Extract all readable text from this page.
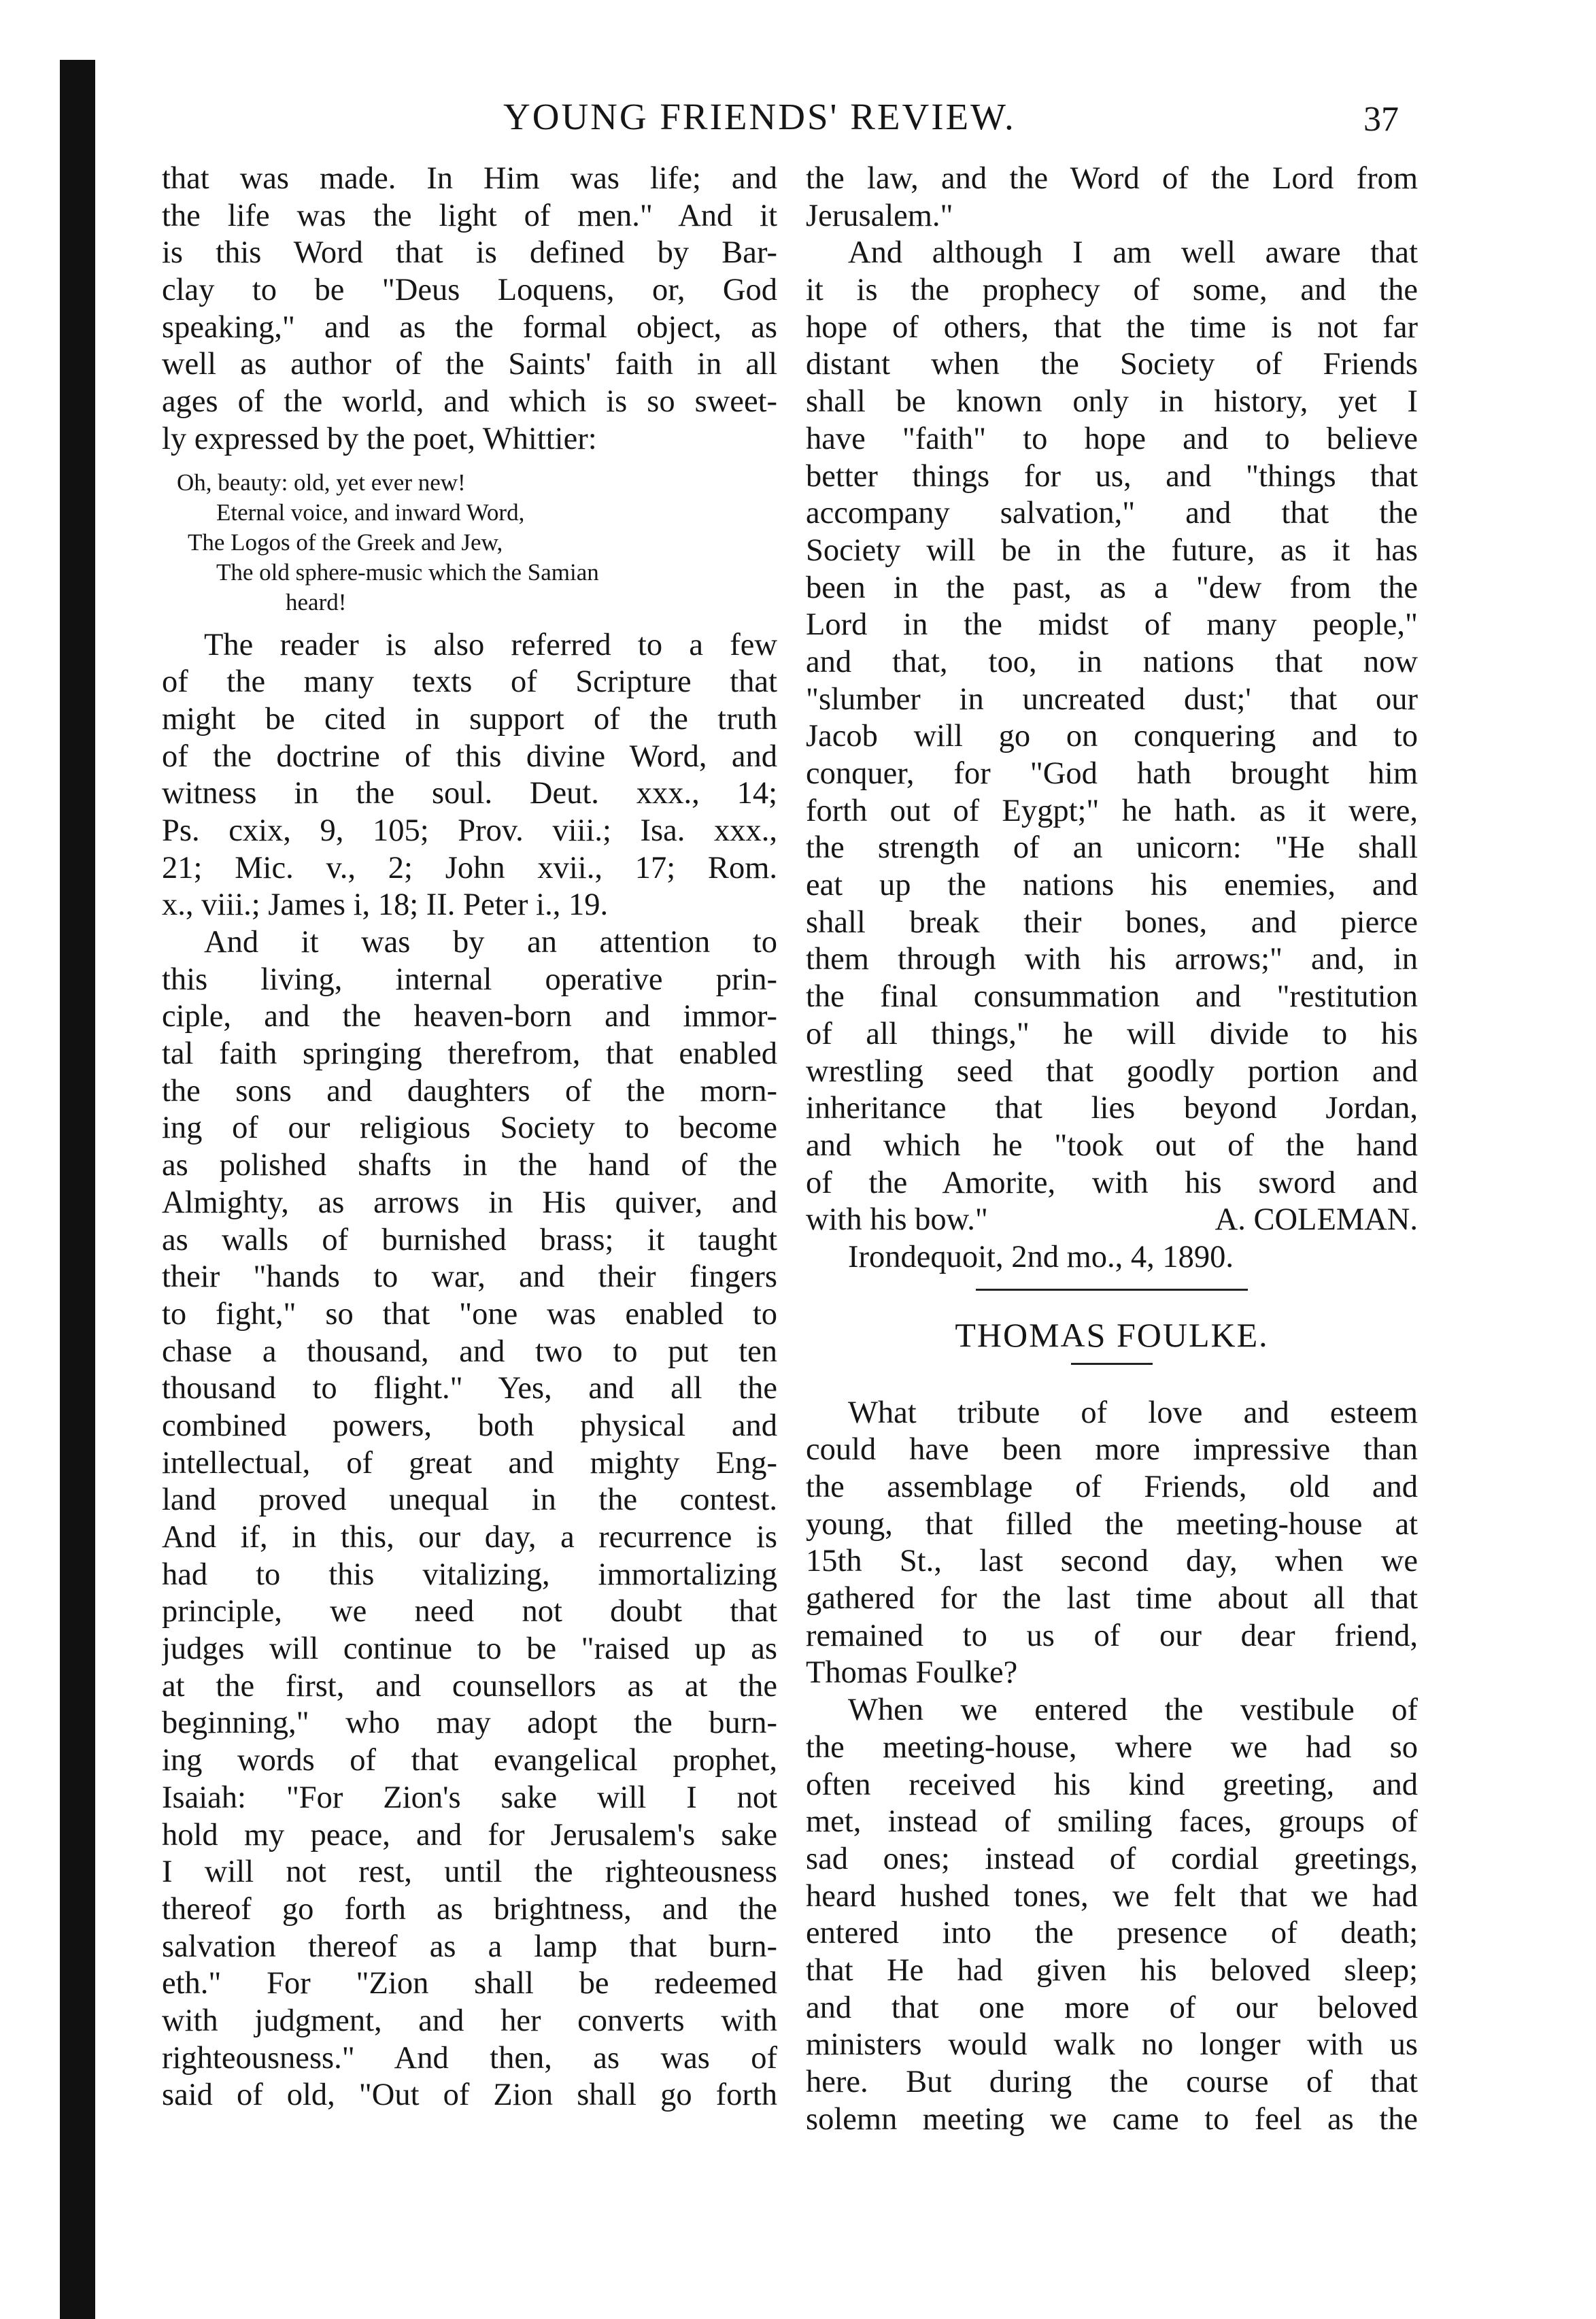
YOUNG FRIENDS' REVIEW.	37
that was made. In Him was life; and
the life was the light of men." And it
is this Word that is defined by Bar-
clay to be "Deus Loquens, or, God
speaking," and as the formal object, as
well as author of the Saints' faith in all
ages of the world, and which is so sweet-
ly expressed by the poet, Whittier:
Oh, beauty: old, yet ever new!
Eternal voice, and inward Word,
The Logos of the Greek and Jew,
The old sphere-music which the Samian
heard!
The reader is also referred to a few
of the many texts of Scripture that
might be cited in support of the truth
of the doctrine of this divine Word, and
witness in the soul. Deut. xxx., 14;
Ps. cxix, 9, 105; Prov. viii.; Isa. xxx.,
21; Mic. v., 2; John xvii., 17; Rom.
x., viii.; James i, 18; II. Peter i., 19.
And it was by an attention to
this living, internal operative prin-
ciple, and the heaven-born and immor-
tal faith springing therefrom, that enabled
the sons and daughters of the morn-
ing of our religious Society to become
as polished shafts in the hand of the
Almighty, as arrows in His quiver, and
as walls of burnished brass; it taught
their "hands to war, and their fingers
to fight," so that "one was enabled to
chase a thousand, and two to put ten
thousand to flight." Yes, and all the
combined powers, both physical and
intellectual, of great and mighty Eng-
land proved unequal in the contest.
And if, in this, our day, a recurrence is
had to this vitalizing, immortalizing
principle, we need not doubt that
judges will continue to be "raised up as
at the first, and counsellors as at the
beginning," who may adopt the burn-
ing words of that evangelical prophet,
Isaiah: "For Zion's sake will I not
hold my peace, and for Jerusalem's sake
I will not rest, until the righteousness
thereof go forth as brightness, and the
salvation thereof as a lamp that burn-
eth." For "Zion shall be redeemed
with judgment, and her converts with
righteousness." And then, as was of
said of old, "Out of Zion shall go forth
the law, and the Word of the Lord from
Jerusalem."
And although I am well aware that
it is the prophecy of some, and the
hope of others, that the time is not far
distant when the Society of Friends
shall be known only in history, yet I
have "faith" to hope and to believe
better things for us, and "things that
accompany salvation," and that the
Society will be in the future, as it has
been in the past, as a "dew from the
Lord in the midst of many people,"
and that, too, in nations that now
"slumber in uncreated dust;' that our
Jacob will go on conquering and to
conquer, for "God hath brought him
forth out of Eygpt;" he hath. as it were,
the strength of an unicorn: "He shall
eat up the nations his enemies, and
shall break their bones, and pierce
them through with his arrows;" and, in
the final consummation and "restitution
of all things," he will divide to his
wrestling seed that goodly portion and
inheritance that lies beyond Jordan,
and which he "took out of the hand
of the Amorite, with his sword and
with his bow."	A. COLEMAN.
Irondequoit, 2nd mo., 4, 1890.
THOMAS FOULKE.
What tribute of love and esteem
could have been more impressive than
the assemblage of Friends, old and
young, that filled the meeting-house at
15th St., last second day, when we
gathered for the last time about all that
remained to us of our dear friend,
Thomas Foulke?
When we entered the vestibule of
the meeting-house, where we had so
often received his kind greeting, and
met, instead of smiling faces, groups of
sad ones; instead of cordial greetings,
heard hushed tones, we felt that we had
entered into the presence of death;
that He had given his beloved sleep;
and that one more of our beloved
ministers would walk no longer with us
here. But during the course of that
solemn meeting we came to feel as the
